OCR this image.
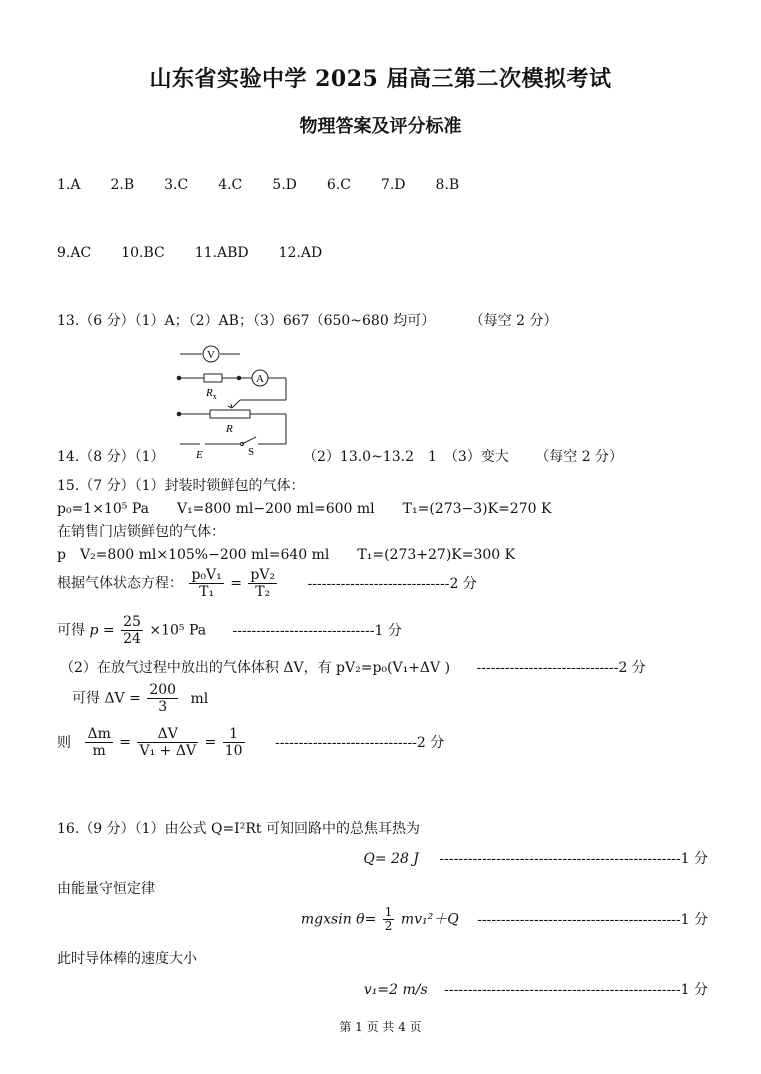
山东省实验中学 2025 届高三第二次模拟考试
物理答案及评分标准
1.A 2.B 3.C 4.C 5.D 6.C 7.D 8.B
9.AC 10.BC 11.ABD 12.AD
13.（6 分）（1）A；（2）AB；（3）667（650~680 均可） （每空 2 分）
V
A
$R_x$
R
E	S
14.（8 分）（1）	（2）13.0~13.2　1　（3）变大 （每空 2 分）
15.（7 分）（1）封装时锁鲜包的气体：
p₀=1×10⁵ Pa　　V₁=800 ml−200 ml=600 ml　　T₁=(273−3)K=270 K
在销售门店锁鲜包的气体：
p　V₂=800 ml×105%−200 ml=640 ml　　T₁=(273+27)K=300 K
根据气体状态方程： $\frac{\text{p₀V₁}}{\text{T₁}} = \frac{\text{pV₂}}{\text{T₂}} ------------------------------2$ 分
可得 $p = \frac{25}{24} \times 10^5$ Pa ------------------------------1 分
（2）在放气过程中放出的气体体积 ΔV，有 pV₂=p₀(V₁+ΔV ) ------------------------------2 分
可得 $\Delta V = \frac{200}{3}$ ml
则 $\frac{\Delta m}{m} = \frac{\Delta V}{\text{V₁ + ΔV}} = \frac{1}{10} ------------------------------2$ 分
16.（9 分）（1）由公式 Q=I²Rt 可知回路中的总焦耳热为
Q= 28 J ---------------------------------------------------1 分
由能量守恒定律
mgxsin $\theta= \frac{1}{2} mv_1^2+Q$ -------------------------------------------1 分
此时导体棒的速度大小
v₁=2 m/s --------------------------------------------------1 分
第 1 页 共 4 页
